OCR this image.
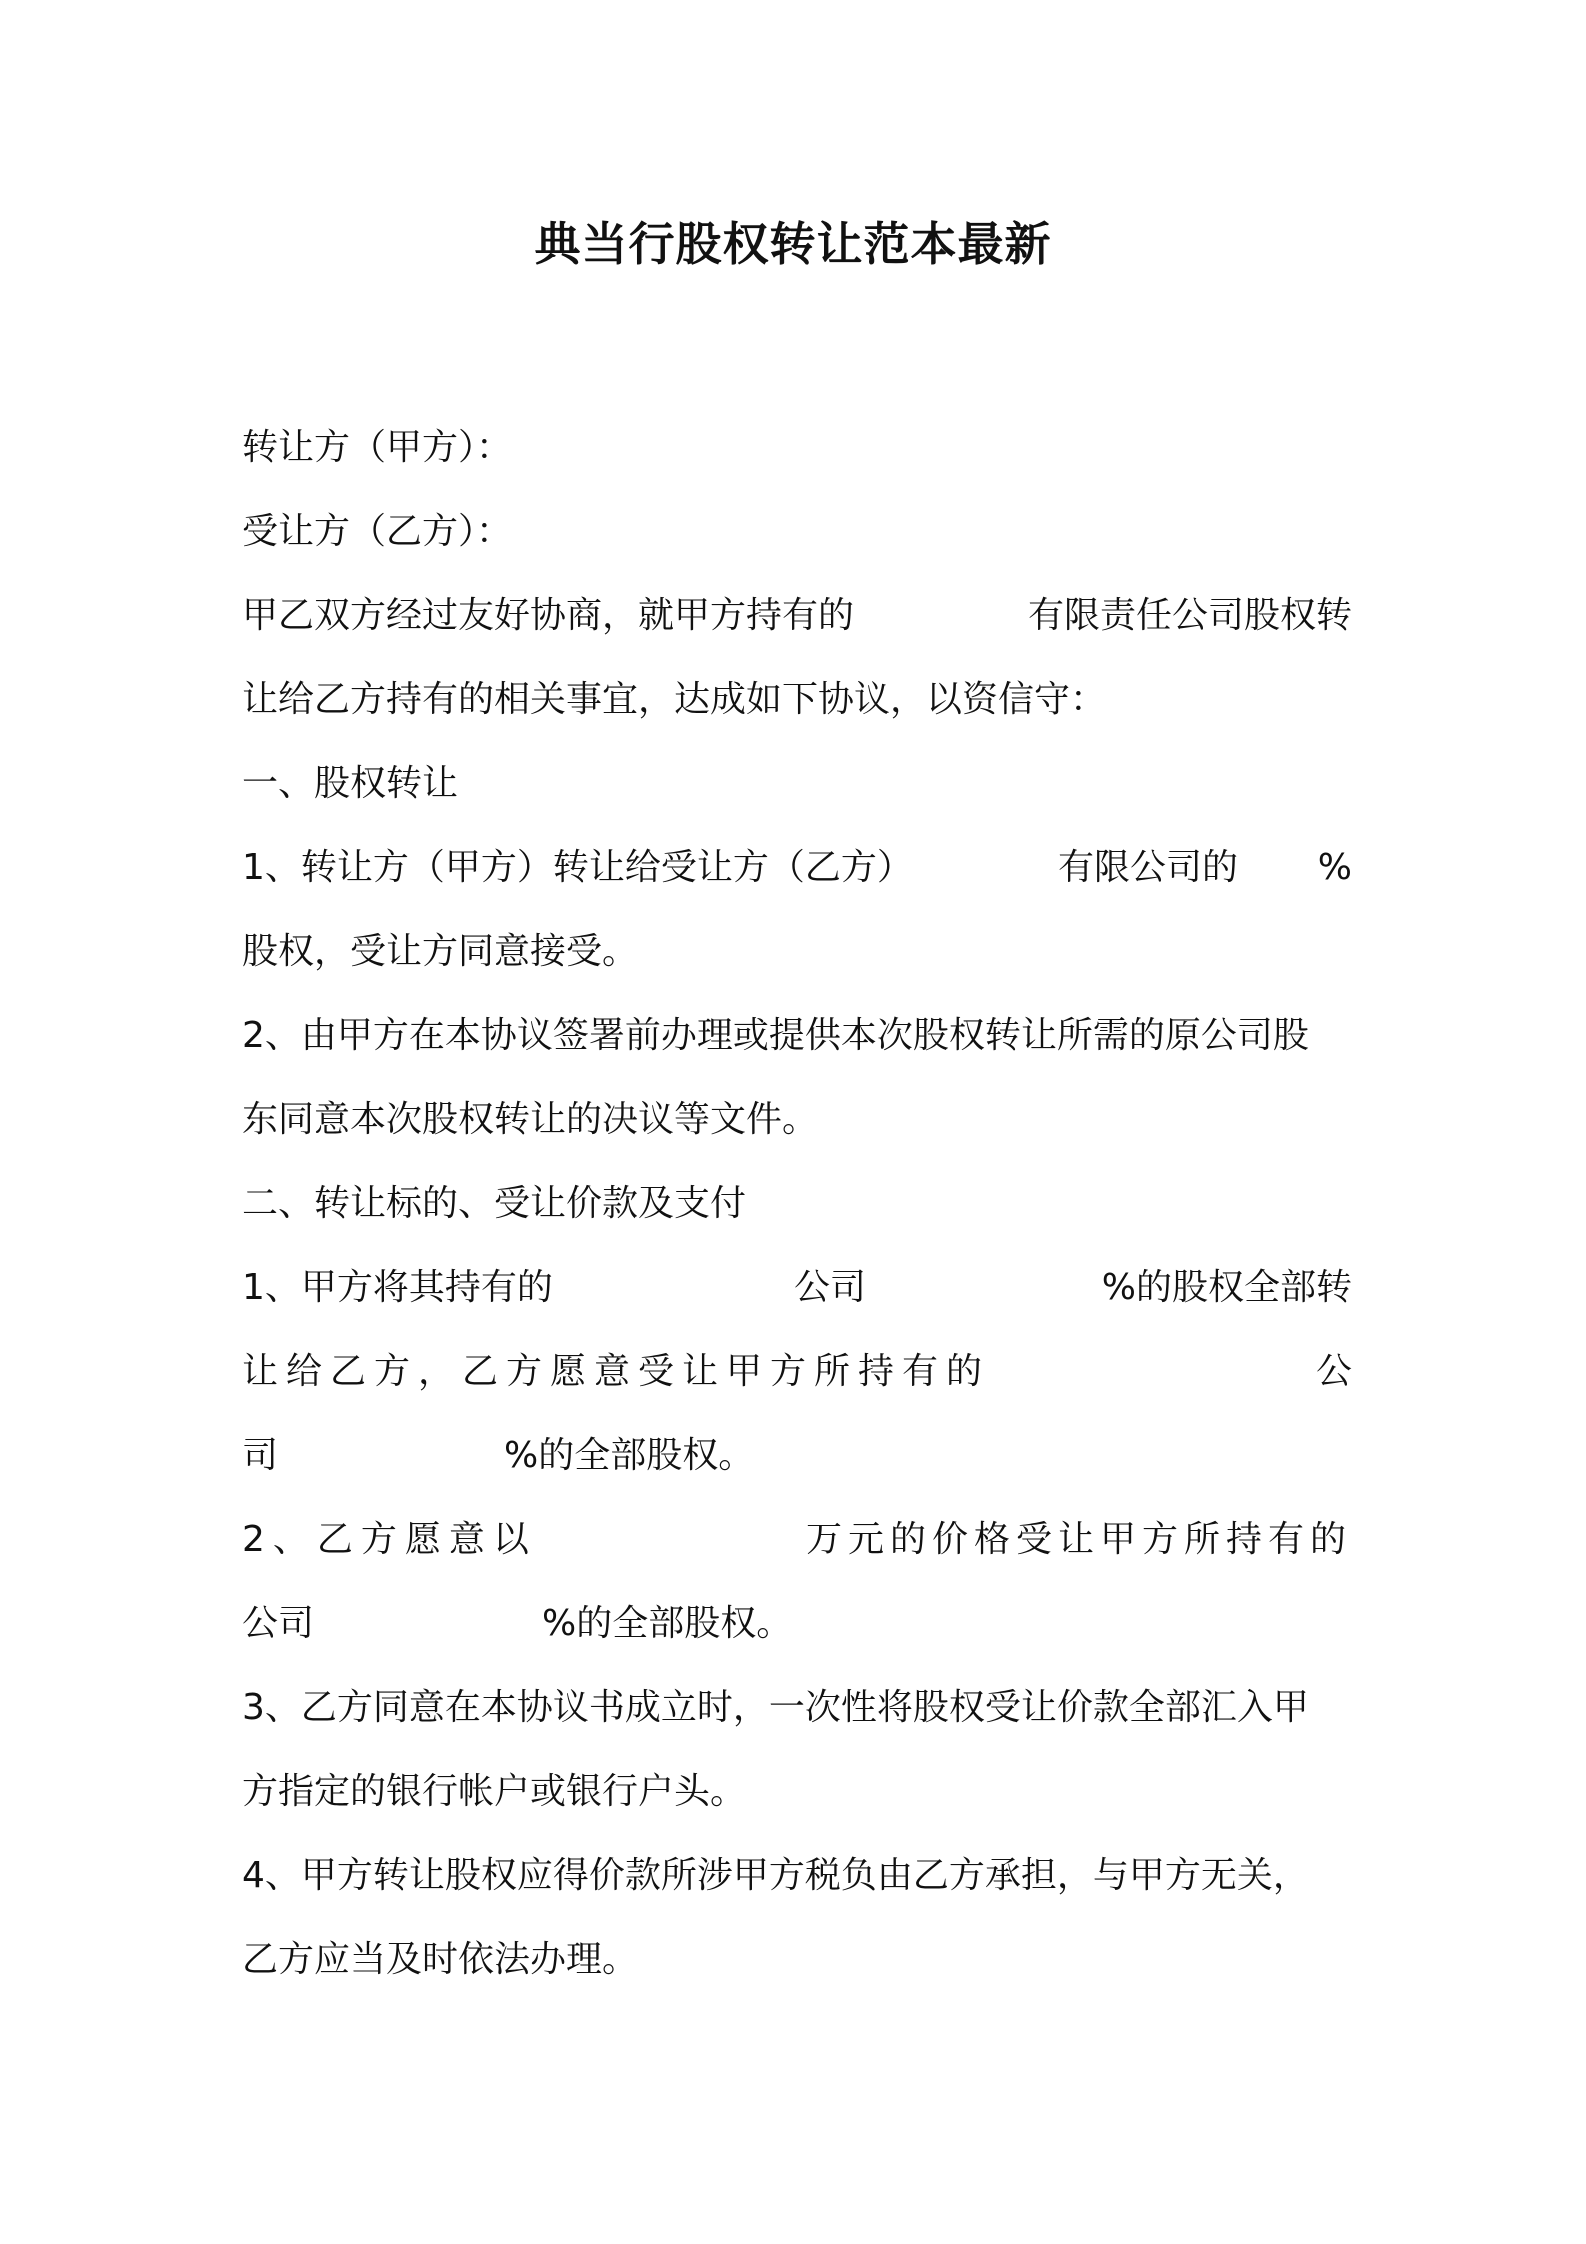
典当行股权转让范本最新
转让方（甲方）：
受让方（乙方）：
甲乙双方经过友好协商，就甲方持有的	有限责任公司股权转
让给乙方持有的相关事宜，达成如下协议，以资信守：
一、股权转让
1、转让方（甲方）转让给受让方（乙方）	有限公司的 %
股权，受让方同意接受。
2、由甲方在本协议签署前办理或提供本次股权转让所需的原公司股
东同意本次股权转让的决议等文件。
二、转让标的、受让价款及支付
1、甲方将其持有的	公司	%的股权全部转
让给乙方，乙方愿意受让甲方所持有的	公
司	%的全部股权。
2、乙方愿意以	万元的价格受让甲方所持有的
公司	%的全部股权。
3、乙方同意在本协议书成立时，一次性将股权受让价款全部汇入甲
方指定的银行帐户或银行户头。
4、甲方转让股权应得价款所涉甲方税负由乙方承担，与甲方无关，
乙方应当及时依法办理。
